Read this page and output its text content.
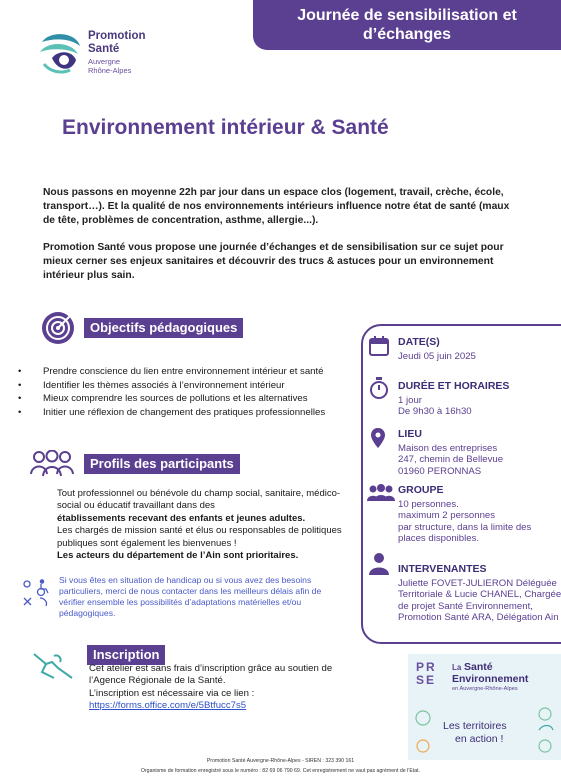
Journée de sensibilisation et
d’échanges
Promotion
Santé
Auvergne
Rhône-Alpes
Environnement intérieur & Santé

Nous passons en moyenne 22h par jour dans un espace clos (logement, travail, crèche, école, transport…). Et la qualité de nos environnements intérieurs influence notre état de santé (maux de tête, problèmes de concentration, asthme, allergie...).

Promotion Santé vous propose une journée d’échanges et de sensibilisation sur ce sujet pour mieux cerner ses enjeux sanitaires et découvrir des trucs & astuces pour un environnement intérieur plus sain.

Objectifs pédagogiques
• Prendre conscience du lien entre environnement intérieur et santé
• Identifier les thèmes associés à l’environnement intérieur
• Mieux comprendre les sources de pollutions et les alternatives
• Initier une réflexion de changement des pratiques professionnelles
Profils des participants
Tout professionnel ou bénévole du champ social, sanitaire, médico-social ou éducatif travaillant dans des
établissements recevant des enfants et jeunes adultes.
Les chargés de mission santé et élus ou responsables de politiques publiques sont également les bienvenues !
Les acteurs du département de l’Ain sont prioritaires.
Si vous êtes en situation de handicap ou si vous avez des besoins particuliers, merci de nous contacter dans les meilleurs délais afin de vérifier ensemble les possibilités d’adaptations matérielles et/ou pédagogiques.
Inscription
Cet atelier est sans frais d’inscription grâce au soutien de l’Agence Régionale de la Santé.
L’inscription est nécessaire via ce lien :
https://forms.office.com/e/5Btfucc7s5
DATE(S)
Jeudi 05 juin 2025
DURÉE ET HORAIRES
1 jour
De 9h30 à 16h30
LIEU
Maison des entreprises
247, chemin de Bellevue
01960 PERONNAS
GROUPE
10 personnes.
maximum 2 personnes
par structure, dans la limite des
places disponibles.
INTERVENANTES
Juliette FOVET-JULIERON Déléguée Territoriale & Lucie CHANEL, Chargée de projet Santé Environnement, Promotion Santé ARA, Délégation Ain
PRSE
La Santé
Environnement
en Auvergne-Rhône-Alpes
Les territoires
en action !
Promotion Santé Auvergne-Rhône-Alpes - SIREN : 323 390 161
Organisme de formation enregistré sous le numéro : 82 69 06 790 69. Cet enregistrement ne vaut pas agrément de l’Etat.
